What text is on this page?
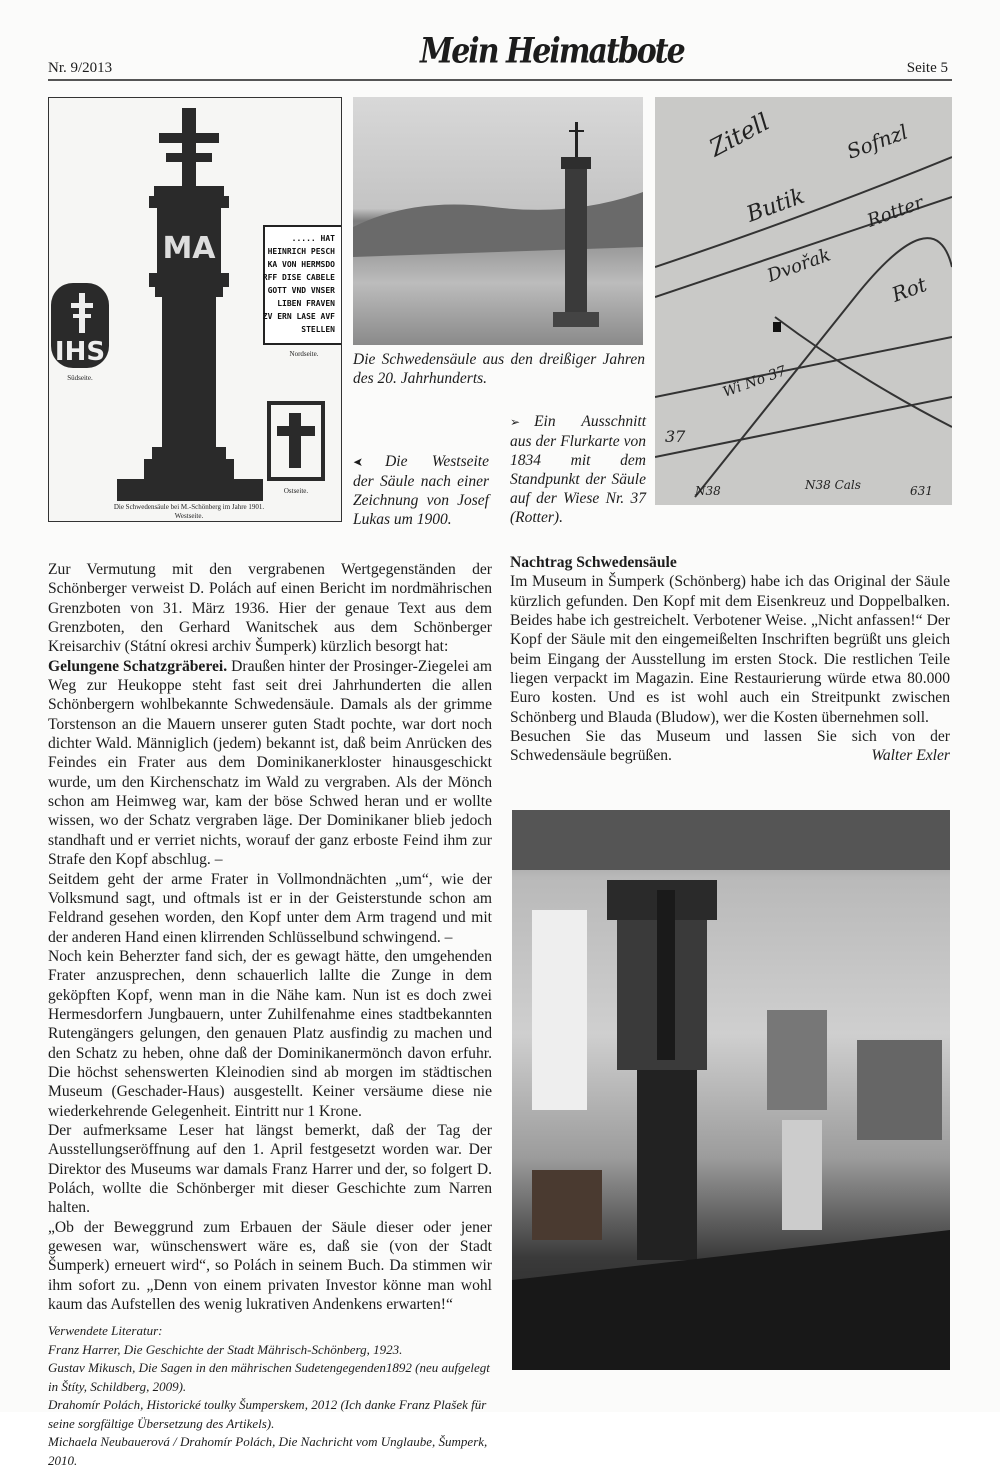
Nr. 9/2013	Mein Heimatbote	Seite 5
IHS
MA	..... HAT
HEINRICH PESCH
KA VON HERMSDO
RFF DISE CABELE
GOTT VND VNSER
LIBEN FRAVEN
ZV ERN LASE AVF
STELLEN
Nordseite.
Südseite.
Ostseite.
Die Schwedensäule bei M.-Schönberg im Jahre 1901.
Westseite.
Die Schwedensäule aus den dreißiger Jahren des 20. Jahrhunderts.
Zitell
Butik
Sofnzl
Dvořak
Rotter
Rot
Wi No 37
37
N38	N38 Cals	631
➢ Ein Ausschnitt aus der Flurkarte von 1834 mit dem Standpunkt der Säule auf der Wiese Nr. 37 (Rotter).
➤ Die Westseite der Säule nach einer Zeichnung von Josef Lukas um 1900.

Zur Vermutung mit den vergrabenen Wertgegenständen der Schönberger verweist D. Polách auf einen Bericht im nordmährischen Grenzboten von 31. März 1936. Hier der genaue Text aus dem Grenzboten, den Gerhard Wanitschek aus dem Schönberger Kreisarchiv (Státní okresi archiv Šumperk) kürzlich besorgt hat:

Gelungene Schatzgräberei. Draußen hinter der Prosinger-Ziegelei am Weg zur Heukoppe steht fast seit drei Jahrhunderten die allen Schönbergern wohlbekannte Schwedensäule. Damals als der grimme Torstenson an die Mauern unserer guten Stadt pochte, war dort noch dichter Wald. Männiglich (jedem) bekannt ist, daß beim Anrücken des Feindes ein Frater aus dem Dominikanerkloster hinausgeschickt wurde, um den Kirchenschatz im Wald zu vergraben. Als der Mönch schon am Heimweg war, kam der böse Schwed heran und er wollte wissen, wo der Schatz vergraben läge. Der Dominikaner blieb jedoch standhaft und er verriet nichts, worauf der ganz erboste Feind ihm zur Strafe den Kopf abschlug. –

Seitdem geht der arme Frater in Vollmondnächten „um“, wie der Volksmund sagt, und oftmals ist er in der Geisterstunde schon am Feldrand gesehen worden, den Kopf unter dem Arm tragend und mit der anderen Hand einen klirrenden Schlüsselbund schwingend. –

Noch kein Beherzter fand sich, der es gewagt hätte, den umgehenden Frater anzusprechen, denn schauerlich lallte die Zunge in dem geköpften Kopf, wenn man in die Nähe kam. Nun ist es doch zwei Hermesdorfern Jungbauern, unter Zuhilfenahme eines stadtbekannten Rutengängers gelungen, den genauen Platz ausfindig zu machen und den Schatz zu heben, ohne daß der Dominikanermönch davon erfuhr. Die höchst sehenswerten Kleinodien sind ab morgen im städtischen Museum (Geschader-Haus) ausgestellt. Keiner versäume diese nie wiederkehrende Gelegenheit. Eintritt nur 1 Krone.

Der aufmerksame Leser hat längst bemerkt, daß der Tag der Ausstellungseröffnung auf den 1. April festgesetzt worden war. Der Direktor des Museums war damals Franz Harrer und der, so folgert D. Polách, wollte die Schönberger mit dieser Geschichte zum Narren halten.

„Ob der Beweggrund zum Erbauen der Säule dieser oder jener gewesen war, wünschenswert wäre es, daß sie (von der Stadt Šumperk) erneuert wird“, so Polách in seinem Buch. Da stimmen wir ihm sofort zu. „Denn von einem privaten Investor könne man wohl kaum das Aufstellen des wenig lukrativen Andenkens erwarten!“

Verwendete Literatur:

Franz Harrer, Die Geschichte der Stadt Mährisch-Schönberg, 1923.

Gustav Mikusch, Die Sagen in den mährischen Sudetengegenden1892 (neu aufgelegt in Štíty, Schildberg, 2009).

Drahomír Polách, Historické toulky Šumperskem, 2012 (Ich danke Franz Plašek für seine sorgfältige Übersetzung des Artikels).

Michaela Neubauerová / Drahomír Polách, Die Nachricht vom Unglaube, Šumperk, 2010.

Nachtrag Schwedensäule

Im Museum in Šumperk (Schönberg) habe ich das Original der Säule kürzlich gefunden. Den Kopf mit dem Eisenkreuz und Doppelbalken. Beides habe ich gestreichelt. Verbotener Weise. „Nicht anfassen!“ Der Kopf der Säule mit den eingemeißelten Inschriften begrüßt uns gleich beim Eingang der Ausstellung im ersten Stock. Die restlichen Teile liegen verpackt im Magazin. Eine Restaurierung würde etwa 80.000 Euro kosten. Und es ist wohl auch ein Streitpunkt zwischen Schönberg und Blauda (Bludow), wer die Kosten übernehmen soll.

Besuchen Sie das Museum und lassen Sie sich von der Schwedensäule begrüßen.	Walter Exler
